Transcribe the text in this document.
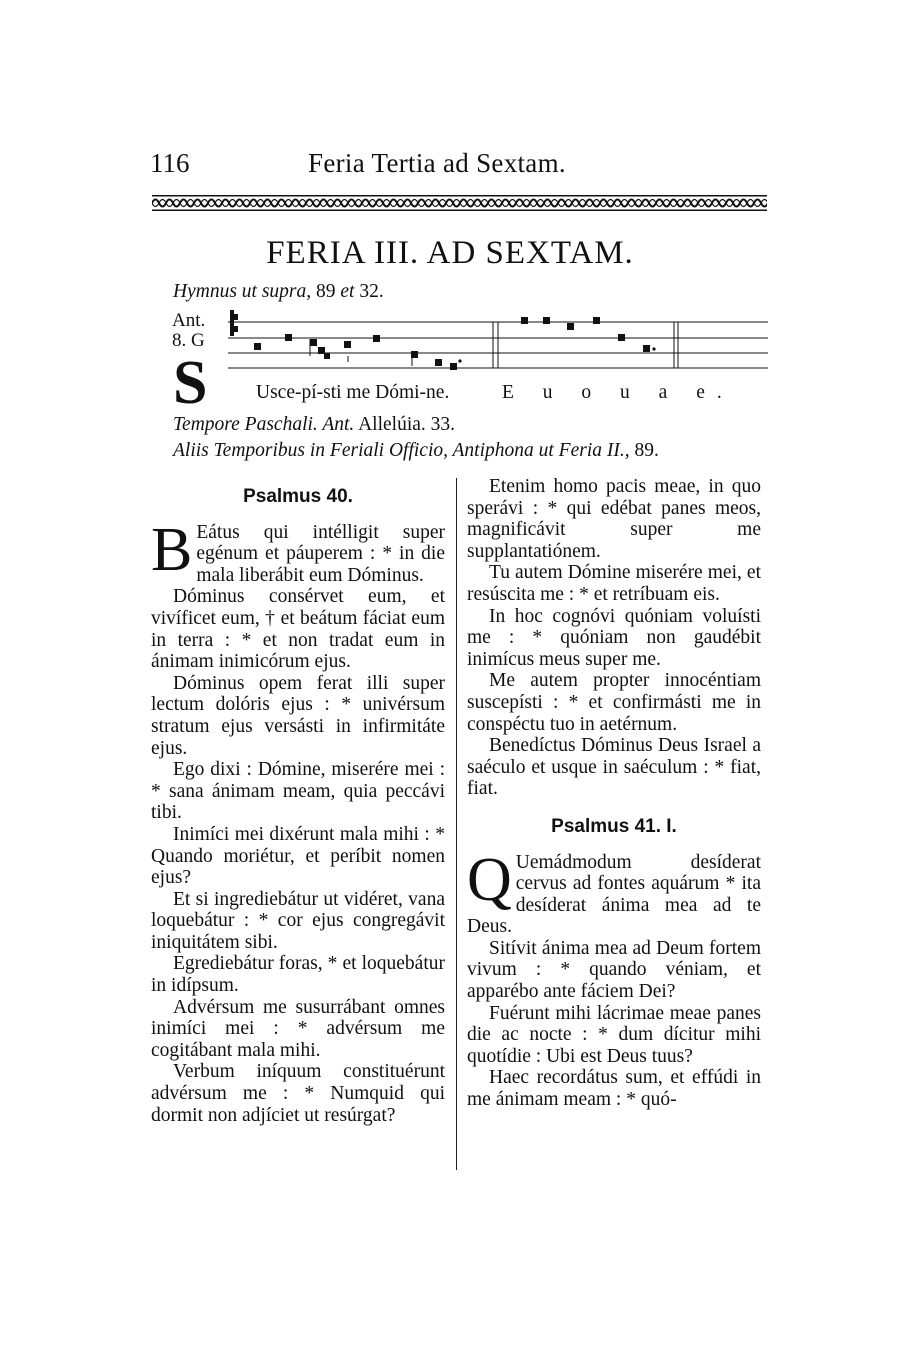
116	Feria Tertia ad Sextam.
FERIA III. AD SEXTAM.
Hymnus ut supra, 89 et 32.
Ant.
8. G
S Usce-pí-sti me Dómi-ne.	E u o u a e.
Tempore Paschali. Ant. Allelúia. 33.
Aliis Temporibus in Feriali Officio, Antiphona ut Feria II., 89.
Psalmus 40.

B Eátus qui intélligit super egénum et páuperem : * in die mala liberábit eum Dóminus.

Dóminus consérvet eum, et vivíficet eum, † et beátum fáciat eum in terra : * et non tradat eum in ánimam inimicórum ejus.

Dóminus opem ferat illi super lectum dolóris ejus : * univérsum stratum ejus versásti in infirmitáte ejus.

Ego dixi : Dómine, miserére mei : * sana ánimam meam, quia peccávi tibi.

Inimíci mei dixérunt mala mihi : * Quando moriétur, et períbit nomen ejus?

Et si ingrediebátur ut vidéret, vana loquebátur : * cor ejus congregávit iniquitátem sibi.

Egrediebátur foras, * et loquebátur in idípsum.

Advérsum me susurrábant omnes inimíci mei : * advérsum me cogitábant mala mihi.

Verbum iníquum constituérunt advérsum me : * Numquid qui dormit non adjíciet ut resúrgat?

Etenim homo pacis meae, in quo sperávi : * qui edébat panes meos, magnificávit super me supplantatiónem.

Tu autem Dómine miserére mei, et resúscita me : * et retríbuam eis.

In hoc cognóvi quóniam voluísti me : * quóniam non gaudébit inimícus meus super me.

Me autem propter innocéntiam suscepísti : * et confirmásti me in conspéctu tuo in aetérnum.

Benedíctus Dóminus Deus Israel a saéculo et usque in saéculum : * fiat, fiat.

Psalmus 41. I.

Q Uemádmodum desíderat cervus ad fontes aquárum * ita desíderat ánima mea ad te Deus.

Sitívit ánima mea ad Deum fortem vivum : * quando véniam, et apparébo ante fáciem Dei?

Fuérunt mihi lácrimae meae panes die ac nocte : * dum dícitur mihi quotídie : Ubi est Deus tuus?

Haec recordátus sum, et effúdi in me ánimam meam : * quó-
